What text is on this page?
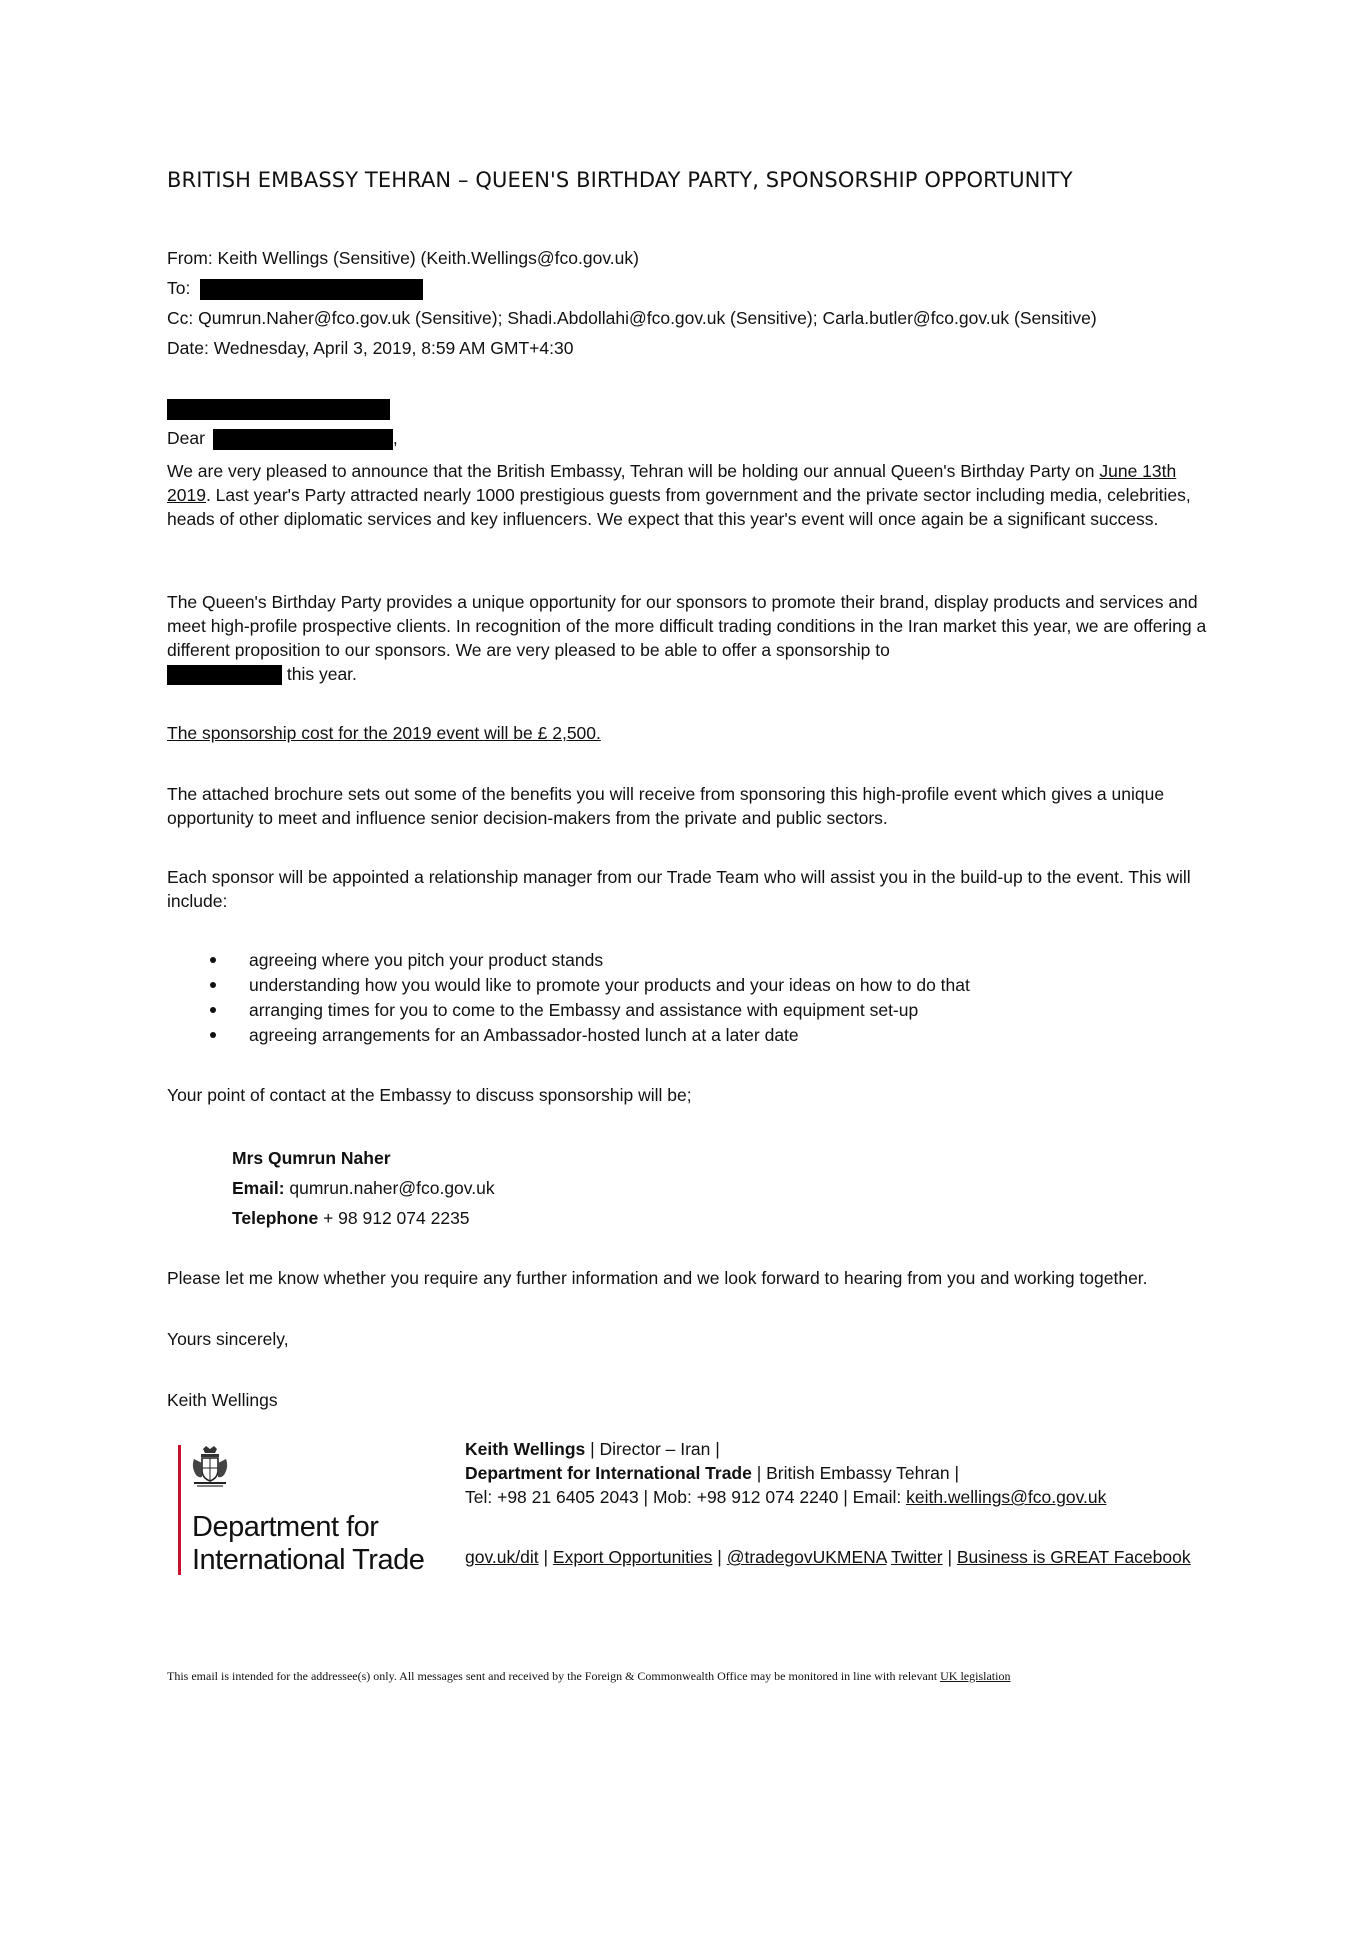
BRITISH EMBASSY TEHRAN – QUEEN'S BIRTHDAY PARTY, SPONSORSHIP OPPORTUNITY
From: Keith Wellings (Sensitive) (Keith.Wellings@fco.gov.uk)
To:
Cc: Qumrun.Naher@fco.gov.uk (Sensitive); Shadi.Abdollahi@fco.gov.uk (Sensitive); Carla.butler@fco.gov.uk (Sensitive)
Date: Wednesday, April 3, 2019, 8:59 AM GMT+4:30
Dear	,

We are very pleased to announce that the British Embassy, Tehran will be holding our annual Queen's Birthday Party on June 13th 2019. Last year's Party attracted nearly 1000 prestigious guests from government and the private sector including media, celebrities, heads of other diplomatic services and key influencers. We expect that this year's event will once again be a significant success.

The Queen's Birthday Party provides a unique opportunity for our sponsors to promote their brand, display products and services and meet high-profile prospective clients. In recognition of the more difficult trading conditions in the Iran market this year, we are offering a different proposition to our sponsors. We are very pleased to be able to offer a sponsorship to
this year.

The sponsorship cost for the 2019 event will be £ 2,500.

The attached brochure sets out some of the benefits you will receive from sponsoring this high-profile event which gives a unique opportunity to meet and influence senior decision-makers from the private and public sectors.

Each sponsor will be appointed a relationship manager from our Trade Team who will assist you in the build-up to the event. This will include:

agreeing where you pitch your product stands
understanding how you would like to promote your products and your ideas on how to do that
arranging times for you to come to the Embassy and assistance with equipment set-up
agreeing arrangements for an Ambassador-hosted lunch at a later date
Your point of contact at the Embassy to discuss sponsorship will be;
Mrs Qumrun Naher
Email: qumrun.naher@fco.gov.uk
Telephone + 98 912 074 2235
Please let me know whether you require any further information and we look forward to hearing from you and working together.
Yours sincerely,
Keith Wellings
Department for
International Trade
Keith Wellings | Director – Iran |
Department for International Trade | British Embassy Tehran |
Tel: +98 21 6405 2043 | Mob: +98 912 074 2240 | Email: keith.wellings@fco.gov.uk
gov.uk/dit | Export Opportunities | @tradegovUKMENA Twitter | Business is GREAT Facebook
This email is intended for the addressee(s) only. All messages sent and received by the Foreign & Commonwealth Office may be monitored in line with relevant UK legislation
